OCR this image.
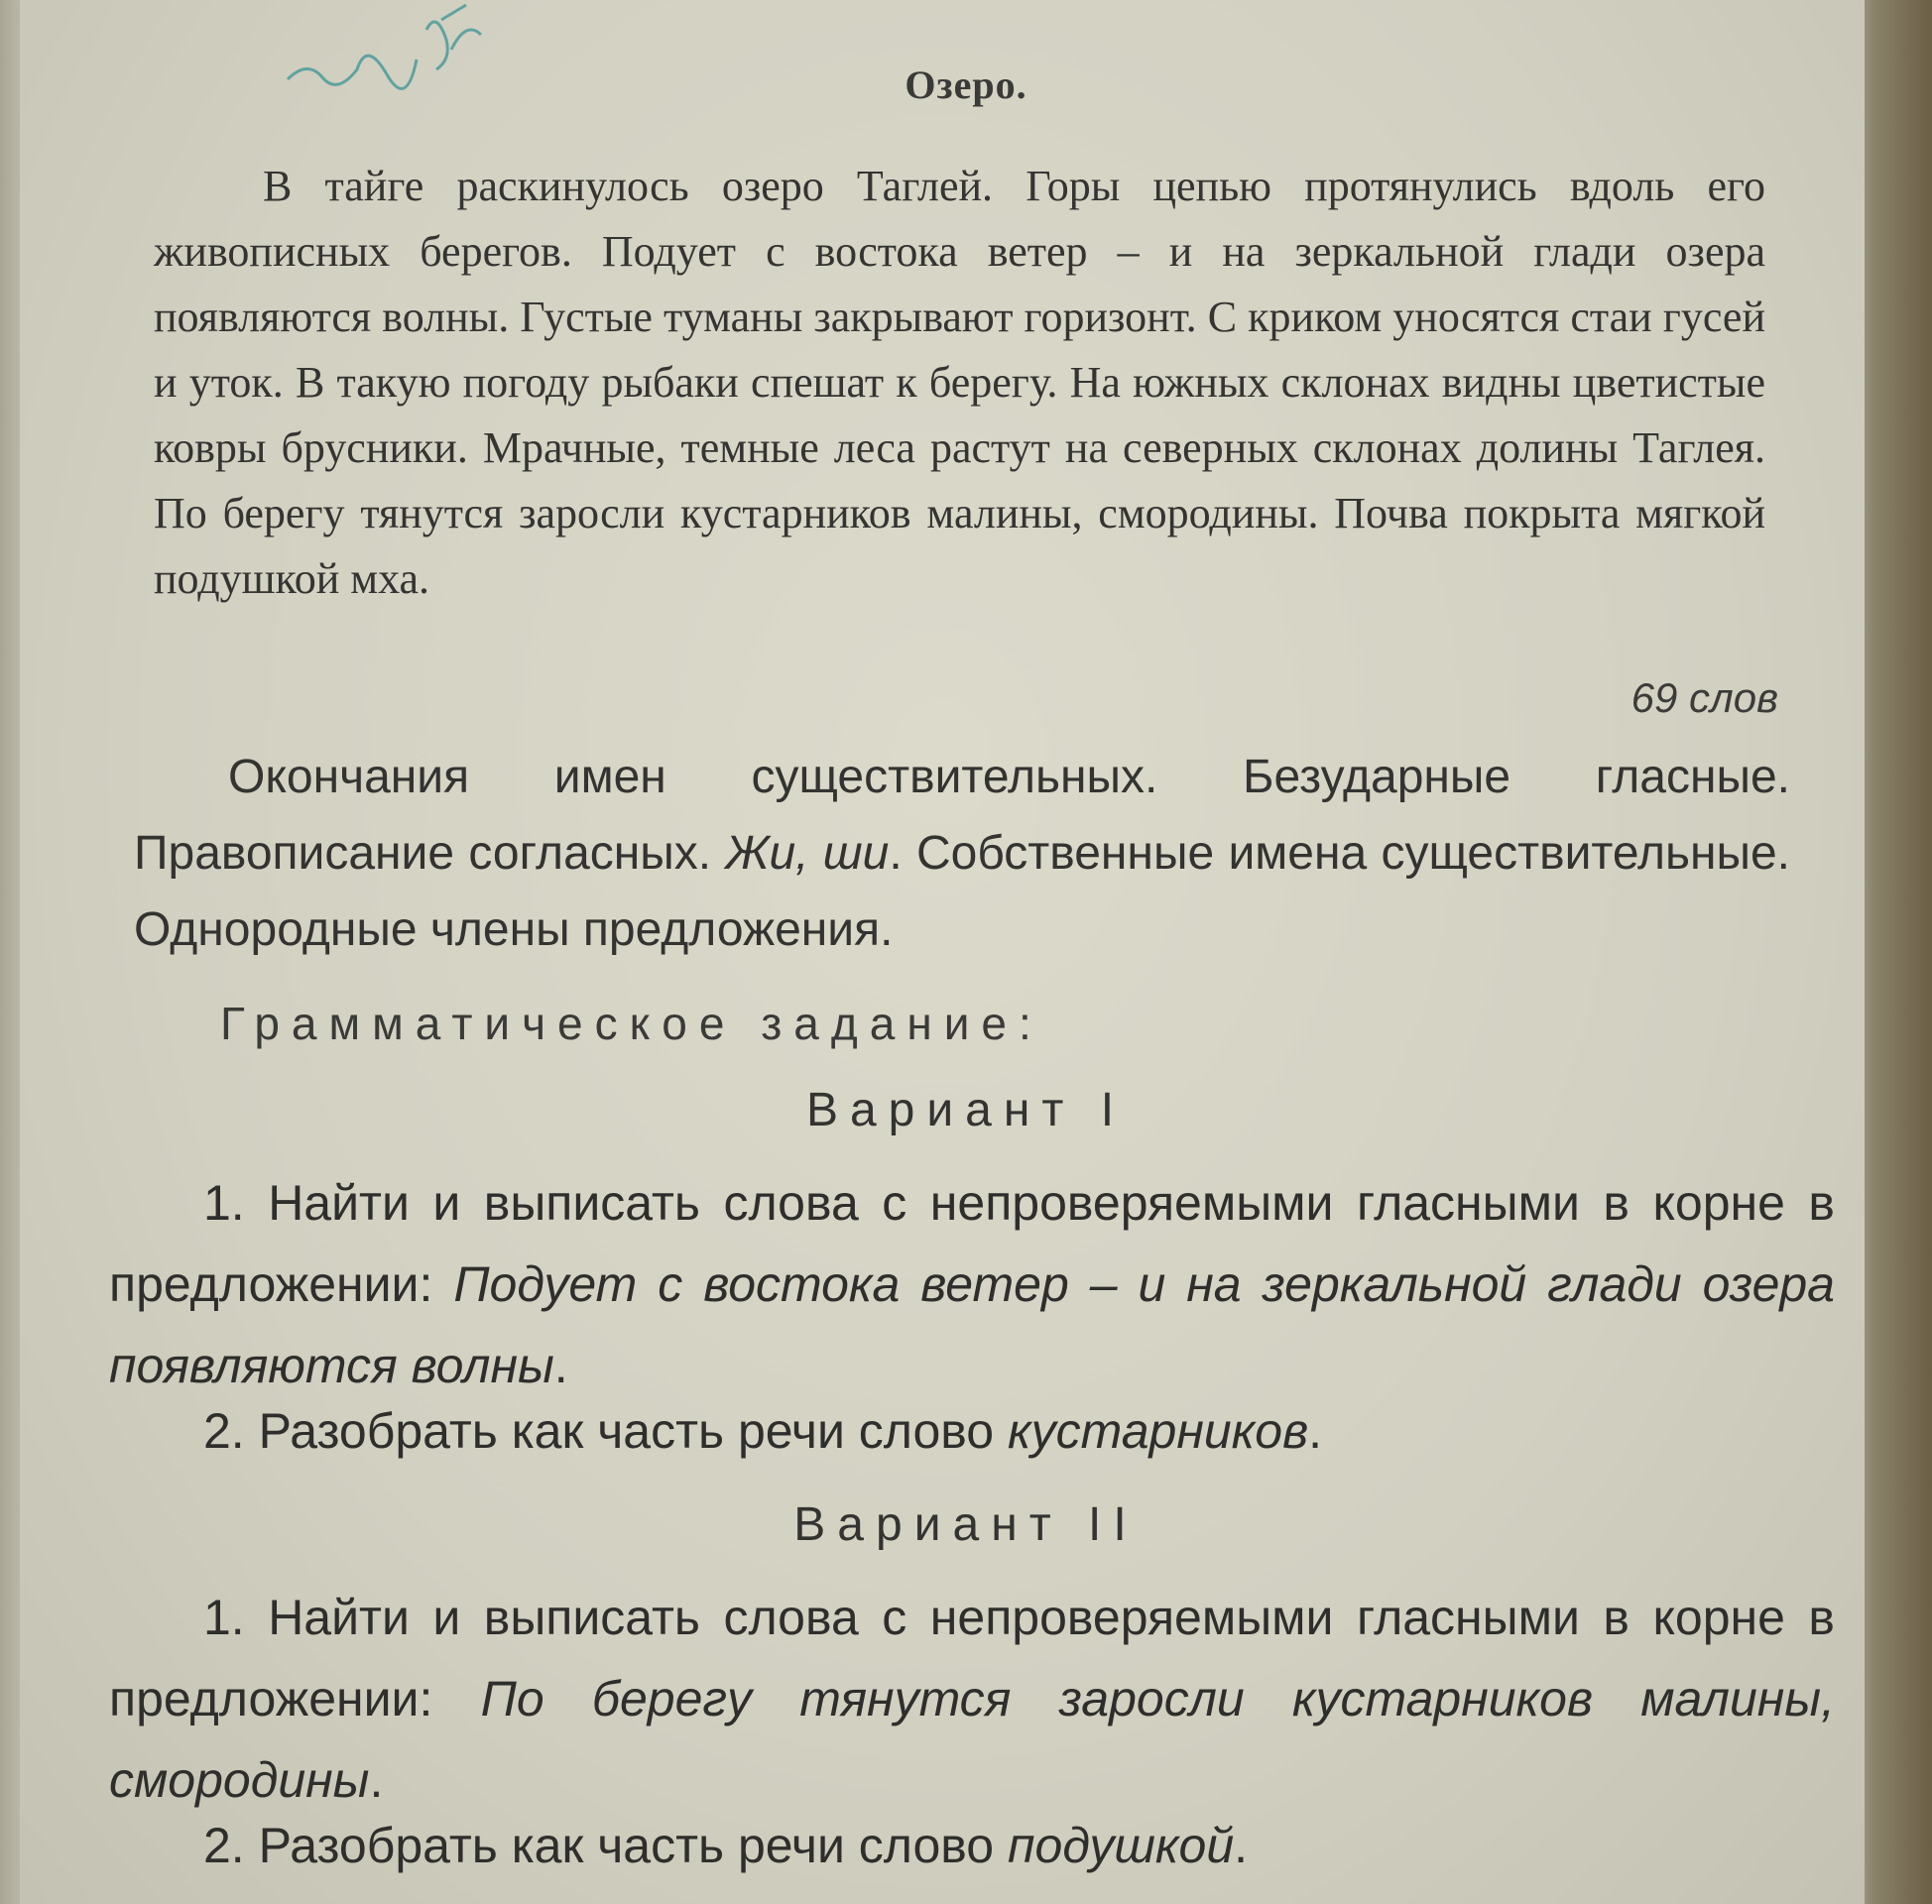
Озеро.
В тайге раскинулось озеро Таглей. Горы цепью протянулись вдоль его живописных берегов. Подует с востока ветер – и на зеркальной глади озера появляются волны. Густые туманы закрывают горизонт. С криком уносятся стаи гусей и уток. В такую погоду рыбаки спешат к берегу. На южных склонах видны цветистые ковры брусники. Мрачные, темные леса растут на северных склонах долины Таглея. По берегу тянутся заросли кустарников малины, смородины. Почва покрыта мягкой подушкой мха.
69 слов
Окончания имен существительных. Безударные гласные. Правописание согласных. Жи, ши. Собственные имена существительные. Однородные члены предложения.
Грамматическое задание:
Вариант I
1. Найти и выписать слова с непроверяемыми гласными в корне в предложении: Подует с востока ветер – и на зеркальной глади озера появляются волны.
2. Разобрать как часть речи слово кустарников.
Вариант II
1. Найти и выписать слова с непроверяемыми гласными в корне в предложении: По берегу тянутся заросли кустарников малины, смородины.
2. Разобрать как часть речи слово подушкой.
